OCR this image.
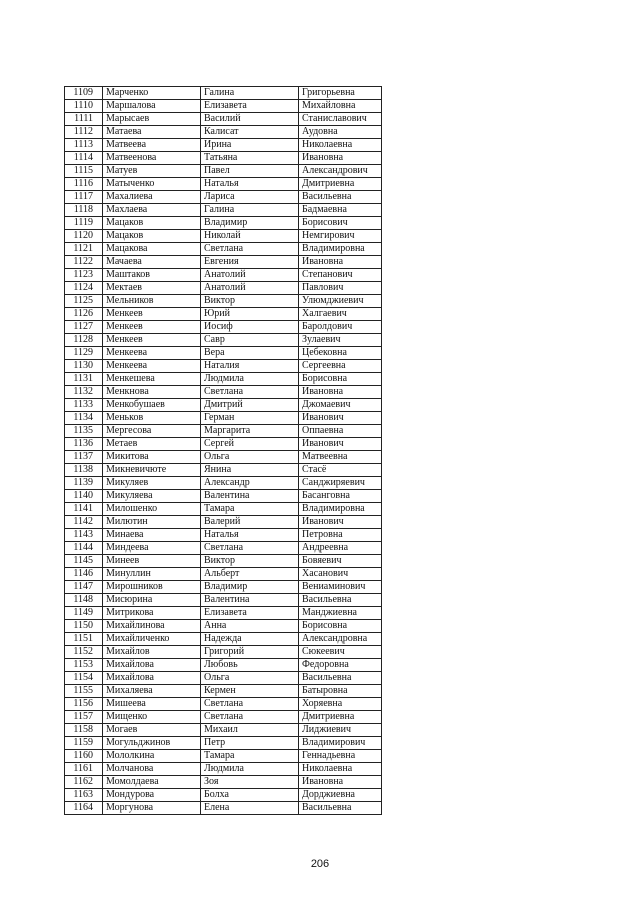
1109	Марченко	Галина	Григорьевна
1110	Маршалова	Елизавета	Михайловна
1111	Марысаев	Василий	Станиславович
1112	Матаева	Калисат	Аудовна
1113	Матвеева	Ирина	Николаевна
1114	Матвеенова	Татьяна	Ивановна
1115	Матуев	Павел	Александрович
1116	Матыченко	Наталья	Дмитриевна
1117	Махалиева	Лариса	Васильевна
1118	Махлаева	Галина	Бадмаевна
1119	Мацаков	Владимир	Борисович
1120	Мацаков	Николай	Немгирович
1121	Мацакова	Светлана	Владимировна
1122	Мачаева	Евгения	Ивановна
1123	Маштаков	Анатолий	Степанович
1124	Мектаев	Анатолий	Павлович
1125	Мельников	Виктор	Улюмджиевич
1126	Менкеев	Юрий	Халгаевич
1127	Менкеев	Иосиф	Баролдович
1128	Менкеев	Савр	Зулаевич
1129	Менкеева	Вера	Цебековна
1130	Менкеева	Наталия	Сергеевна
1131	Менкешева	Людмила	Борисовна
1132	Менкнова	Светлана	Ивановна
1133	Менкобушаев	Дмитрий	Джомаевич
1134	Меньков	Герман	Иванович
1135	Мергесова	Маргарита	Оппаевна
1136	Метаев	Сергей	Иванович
1137	Микитова	Ольга	Матвеевна
1138	Микневичюте	Янина	Стасё
1139	Микуляев	Александр	Санджиряевич
1140	Микуляева	Валентина	Басанговна
1141	Милошенко	Тамара	Владимировна
1142	Милютин	Валерий	Иванович
1143	Минаева	Наталья	Петровна
1144	Миндеева	Светлана	Андреевна
1145	Минеев	Виктор	Бовяевич
1146	Минуллин	Альберт	Хасанович
1147	Мирошников	Владимир	Вениаминович
1148	Мисюрина	Валентина	Васильевна
1149	Митрикова	Елизавета	Манджиевна
1150	Михайлинова	Анна	Борисовна
1151	Михайличенко	Надежда	Александровна
1152	Михайлов	Григорий	Сюкеевич
1153	Михайлова	Любовь	Федоровна
1154	Михайлова	Ольга	Васильевна
1155	Михаляева	Кермен	Батыровна
1156	Мишеева	Светлана	Хоряевна
1157	Мищенко	Светлана	Дмитриевна
1158	Могаев	Михаил	Лиджиевич
1159	Могульджинов	Петр	Владимирович
1160	Мололкина	Тамара	Геннадьевна
1161	Молчанова	Людмила	Николаевна
1162	Момолдаева	Зоя	Ивановна
1163	Мондурова	Болха	Дорджиевна
1164	Моргунова	Елена	Васильевна
206
